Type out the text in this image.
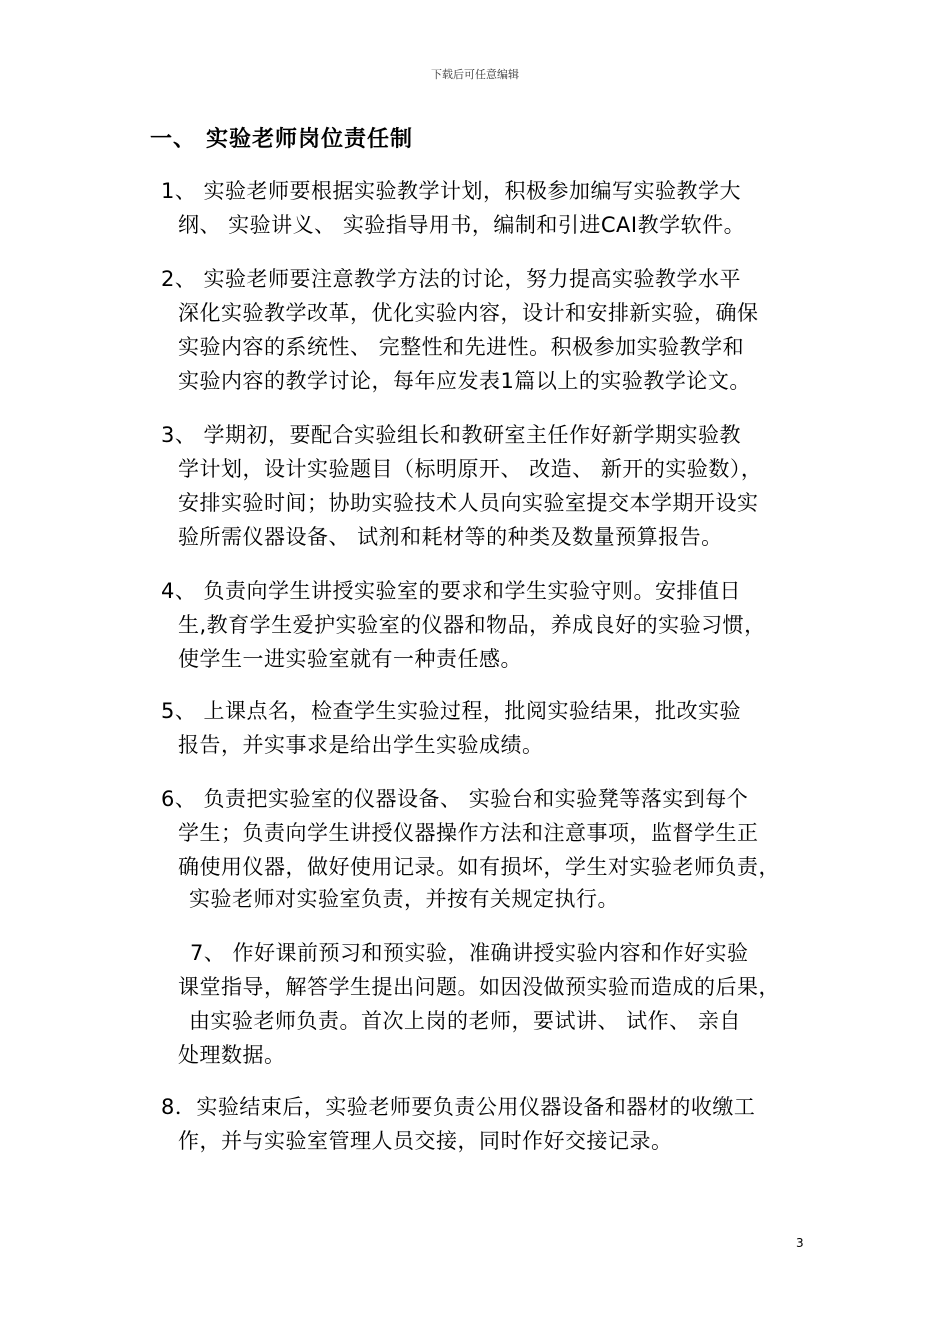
下载后可任意编辑
一、 实验老师岗位责任制
1、 实验老师要根据实验教学计划，积极参加编写实验教学大
纲、 实验讲义、 实验指导用书，编制和引进CAI教学软件。
2、 实验老师要注意教学方法的讨论，努力提高实验教学水平
深化实验教学改革，优化实验内容，设计和安排新实验，确保
实验内容的系统性、 完整性和先进性。积极参加实验教学和
实验内容的教学讨论，每年应发表1篇以上的实验教学论文。
3、 学期初，要配合实验组长和教研室主任作好新学期实验教
学计划，设计实验题目（标明原开、 改造、 新开的实验数），
安排实验时间；协助实验技术人员向实验室提交本学期开设实
验所需仪器设备、 试剂和耗材等的种类及数量预算报告。
4、 负责向学生讲授实验室的要求和学生实验守则。安排值日
生,教育学生爱护实验室的仪器和物品，养成良好的实验习惯，
使学生一进实验室就有一种责任感。
5、 上课点名，检查学生实验过程，批阅实验结果，批改实验
报告，并实事求是给出学生实验成绩。
6、 负责把实验室的仪器设备、 实验台和实验凳等落实到每个
学生；负责向学生讲授仪器操作方法和注意事项，监督学生正
确使用仪器，做好使用记录。如有损坏，学生对实验老师负责，
实验老师对实验室负责，并按有关规定执行。
7、 作好课前预习和预实验，准确讲授实验内容和作好实验
课堂指导，解答学生提出问题。如因没做预实验而造成的后果，
由实验老师负责。首次上岗的老师，要试讲、 试作、 亲自
处理数据。
8．实验结束后，实验老师要负责公用仪器设备和器材的收缴工
作，并与实验室管理人员交接，同时作好交接记录。
3
